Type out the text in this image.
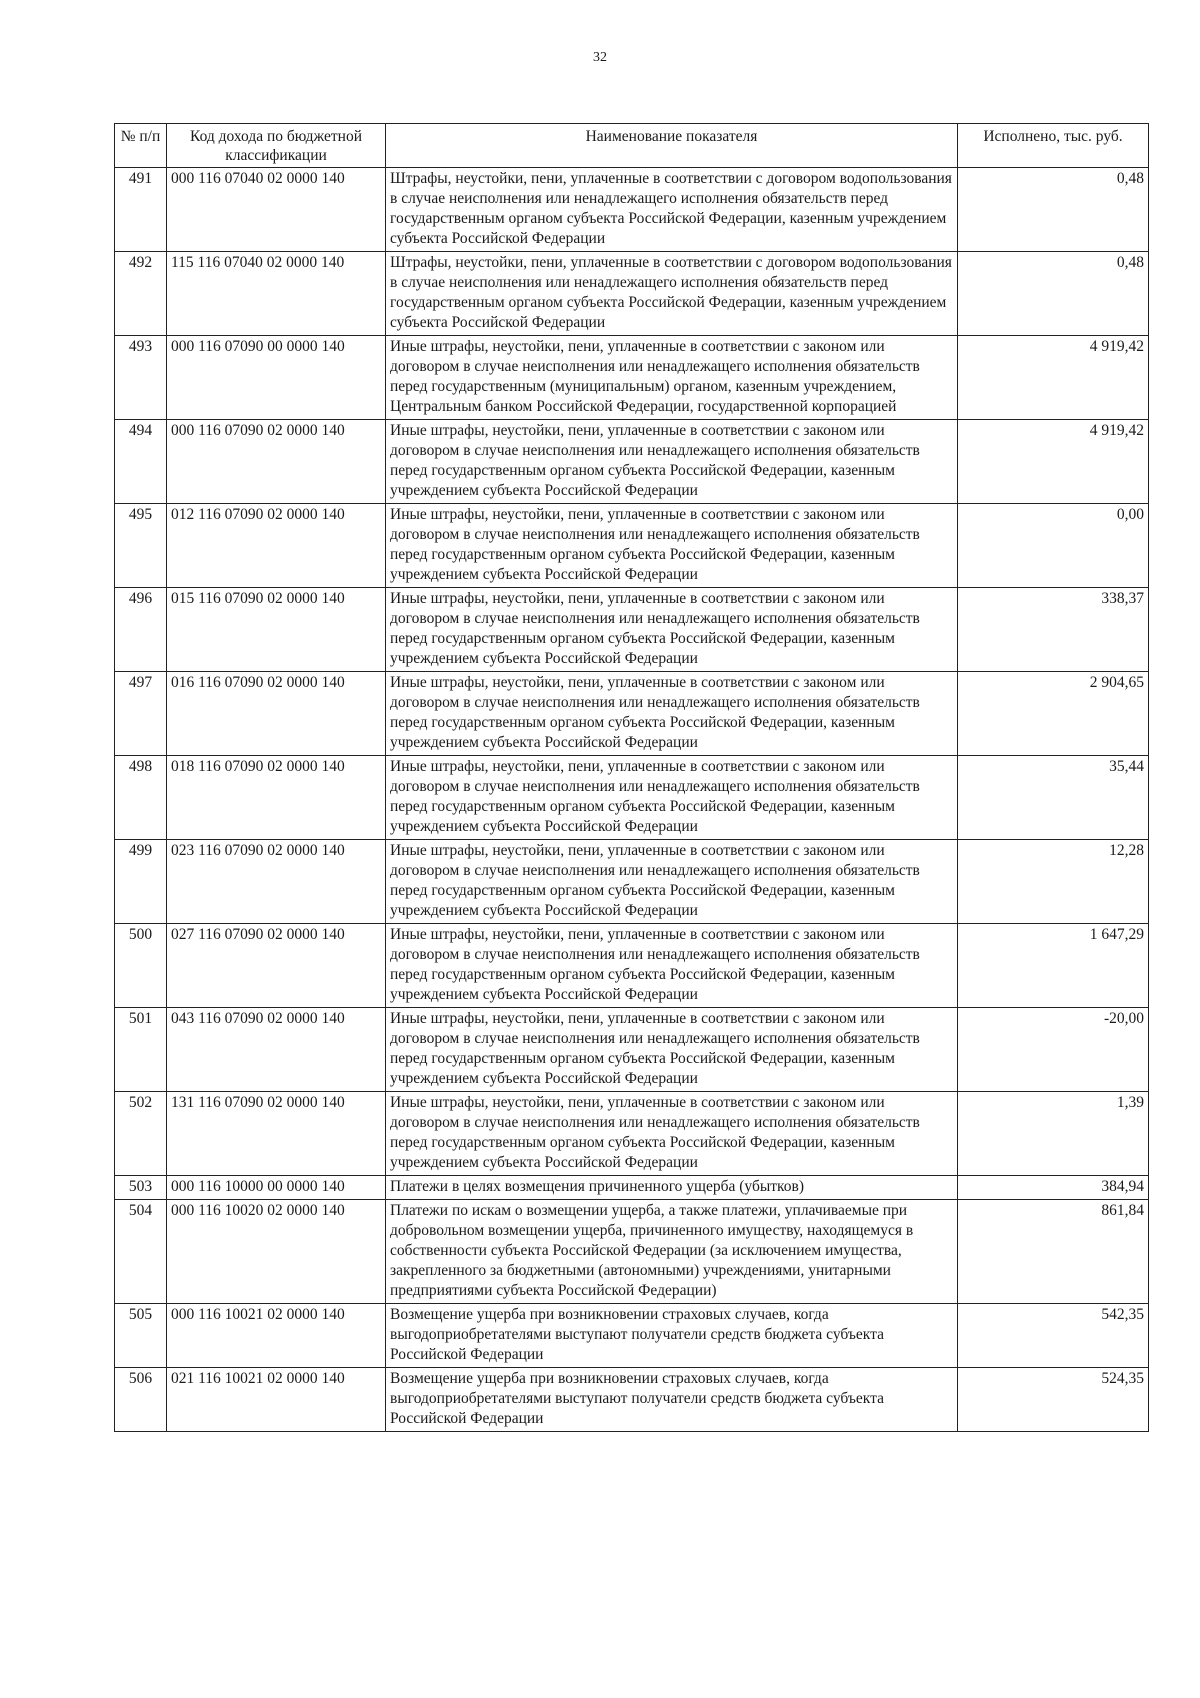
32
№ п/п	Код дохода по бюджетной классификации	Наименование показателя	Исполнено, тыс. руб.
491	000 116 07040 02 0000 140	Штрафы, неустойки, пени, уплаченные в соответствии с договором водопользования в случае неисполнения или ненадлежащего исполнения обязательств перед государственным органом субъекта Российской Федерации, казенным учреждением субъекта Российской Федерации	0,48
492	115 116 07040 02 0000 140	Штрафы, неустойки, пени, уплаченные в соответствии с договором водопользования в случае неисполнения или ненадлежащего исполнения обязательств перед государственным органом субъекта Российской Федерации, казенным учреждением субъекта Российской Федерации	0,48
493	000 116 07090 00 0000 140	Иные штрафы, неустойки, пени, уплаченные в соответствии с законом или договором в случае неисполнения или ненадлежащего исполнения обязательств перед государственным (муниципальным) органом, казенным учреждением, Центральным банком Российской Федерации, государственной корпорацией	4 919,42
494	000 116 07090 02 0000 140	Иные штрафы, неустойки, пени, уплаченные в соответствии с законом или договором в случае неисполнения или ненадлежащего исполнения обязательств перед государственным органом субъекта Российской Федерации, казенным учреждением субъекта Российской Федерации	4 919,42
495	012 116 07090 02 0000 140	Иные штрафы, неустойки, пени, уплаченные в соответствии с законом или договором в случае неисполнения или ненадлежащего исполнения обязательств перед государственным органом субъекта Российской Федерации, казенным учреждением субъекта Российской Федерации	0,00
496	015 116 07090 02 0000 140	Иные штрафы, неустойки, пени, уплаченные в соответствии с законом или договором в случае неисполнения или ненадлежащего исполнения обязательств перед государственным органом субъекта Российской Федерации, казенным учреждением субъекта Российской Федерации	338,37
497	016 116 07090 02 0000 140	Иные штрафы, неустойки, пени, уплаченные в соответствии с законом или договором в случае неисполнения или ненадлежащего исполнения обязательств перед государственным органом субъекта Российской Федерации, казенным учреждением субъекта Российской Федерации	2 904,65
498	018 116 07090 02 0000 140	Иные штрафы, неустойки, пени, уплаченные в соответствии с законом или договором в случае неисполнения или ненадлежащего исполнения обязательств перед государственным органом субъекта Российской Федерации, казенным учреждением субъекта Российской Федерации	35,44
499	023 116 07090 02 0000 140	Иные штрафы, неустойки, пени, уплаченные в соответствии с законом или договором в случае неисполнения или ненадлежащего исполнения обязательств перед государственным органом субъекта Российской Федерации, казенным учреждением субъекта Российской Федерации	12,28
500	027 116 07090 02 0000 140	Иные штрафы, неустойки, пени, уплаченные в соответствии с законом или договором в случае неисполнения или ненадлежащего исполнения обязательств перед государственным органом субъекта Российской Федерации, казенным учреждением субъекта Российской Федерации	1 647,29
501	043 116 07090 02 0000 140	Иные штрафы, неустойки, пени, уплаченные в соответствии с законом или договором в случае неисполнения или ненадлежащего исполнения обязательств перед государственным органом субъекта Российской Федерации, казенным учреждением субъекта Российской Федерации	-20,00
502	131 116 07090 02 0000 140	Иные штрафы, неустойки, пени, уплаченные в соответствии с законом или договором в случае неисполнения или ненадлежащего исполнения обязательств перед государственным органом субъекта Российской Федерации, казенным учреждением субъекта Российской Федерации	1,39
503	000 116 10000 00 0000 140	Платежи в целях возмещения причиненного ущерба (убытков)	384,94
504	000 116 10020 02 0000 140	Платежи по искам о возмещении ущерба, а также платежи, уплачиваемые при добровольном возмещении ущерба, причиненного имуществу, находящемуся в собственности субъекта Российской Федерации (за исключением имущества, закрепленного за бюджетными (автономными) учреждениями, унитарными предприятиями субъекта Российской Федерации)	861,84
505	000 116 10021 02 0000 140	Возмещение ущерба при возникновении страховых случаев, когда выгодоприобретателями выступают получатели средств бюджета субъекта Российской Федерации	542,35
506	021 116 10021 02 0000 140	Возмещение ущерба при возникновении страховых случаев, когда выгодоприобретателями выступают получатели средств бюджета субъекта Российской Федерации	524,35
